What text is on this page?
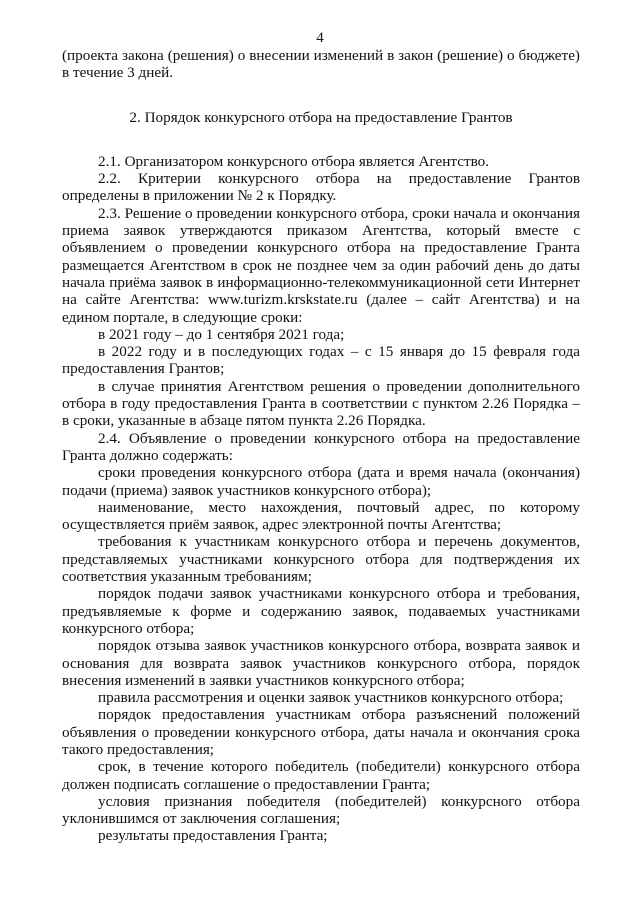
4

(проекта закона (решения) о внесении изменений в закон (решение) о бюджете) в течение 3 дней.

2. Порядок конкурсного отбора на предоставление Грантов

2.1. Организатором конкурсного отбора является Агентство.

2.2. Критерии конкурсного отбора на предоставление Грантов определены в приложении № 2 к Порядку.

2.3. Решение о проведении конкурсного отбора, сроки начала и окончания приема заявок утверждаются приказом Агентства, который вместе с объявлением о проведении конкурсного отбора на предоставление Гранта размещается Агентством в срок не позднее чем за один рабочий день до даты начала приёма заявок в информационно-телекоммуникационной сети Интернет на сайте Агентства: www.turizm.krskstate.ru (далее – сайт Агентства) и на едином портале, в следующие сроки:

в 2021 году – до 1 сентября 2021 года;

в 2022 году и в последующих годах – с 15 января до 15 февраля года предоставления Грантов;

в случае принятия Агентством решения о проведении дополнительного отбора в году предоставления Гранта в соответствии с пунктом 2.26 Порядка – в сроки, указанные в абзаце пятом пункта 2.26 Порядка.

2.4. Объявление о проведении конкурсного отбора на предоставление Гранта должно содержать:

сроки проведения конкурсного отбора (дата и время начала (окончания) подачи (приема) заявок участников конкурсного отбора);

наименование, место нахождения, почтовый адрес, по которому осуществляется приём заявок, адрес электронной почты Агентства;

требования к участникам конкурсного отбора и перечень документов, представляемых участниками конкурсного отбора для подтверждения их соответствия указанным требованиям;

порядок подачи заявок участниками конкурсного отбора и требования, предъявляемые к форме и содержанию заявок, подаваемых участниками конкурсного отбора;

порядок отзыва заявок участников конкурсного отбора, возврата заявок и основания для возврата заявок участников конкурсного отбора, порядок внесения изменений в заявки участников конкурсного отбора;

правила рассмотрения и оценки заявок участников конкурсного отбора;

порядок предоставления участникам отбора разъяснений положений объявления о проведении конкурсного отбора, даты начала и окончания срока такого предоставления;

срок, в течение которого победитель (победители) конкурсного отбора должен подписать соглашение о предоставлении Гранта;

условия признания победителя (победителей) конкурсного отбора уклонившимся от заключения соглашения;

результаты предоставления Гранта;
